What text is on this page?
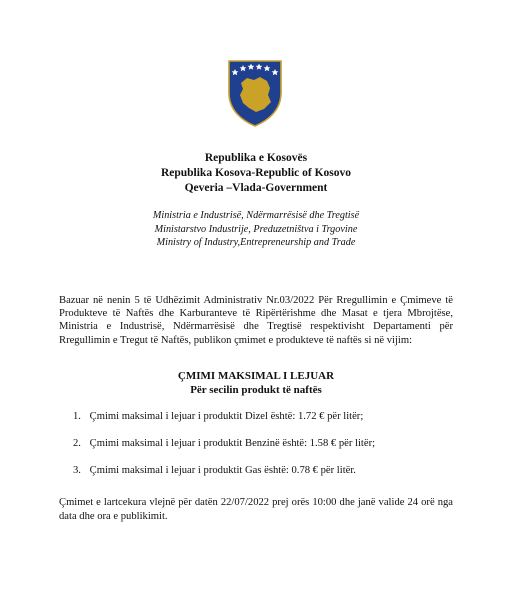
Republika e Kosovës
Republika Kosova-Republic of Kosovo
Qeveria –Vlada-Government
Ministria e Industrisë, Ndërmarrësisë dhe Tregtisë
Ministarstvo Industrije, Preduzetništva i Trgovine
Ministry of Industry,Entrepreneurship and Trade
Bazuar në nenin 5 të Udhëzimit Administrativ Nr.03/2022 Për Rregullimin e Çmimeve të Produkteve të Naftës dhe Karburanteve të Ripërtërishme dhe Masat e tjera Mbrojtëse, Ministria e Industrisë, Ndërmarrësisë dhe Tregtisë respektivisht Departamenti për Rregullimin e Tregut të Naftës, publikon çmimet e produkteve të naftës si në vijim:
ÇMIMI MAKSIMAL I LEJUAR
Për secilin produkt të naftës
1. Çmimi maksimal i lejuar i produktit Dizel është: 1.72 € për litër;
2. Çmimi maksimal i lejuar i produktit Benzinë është: 1.58 € për litër;
3. Çmimi maksimal i lejuar i produktit Gas është: 0.78 € për litër.
Çmimet e lartcekura vlejnë për datën 22/07/2022 prej orës 10:00 dhe janë valide 24 orë nga data dhe ora e publikimit.
